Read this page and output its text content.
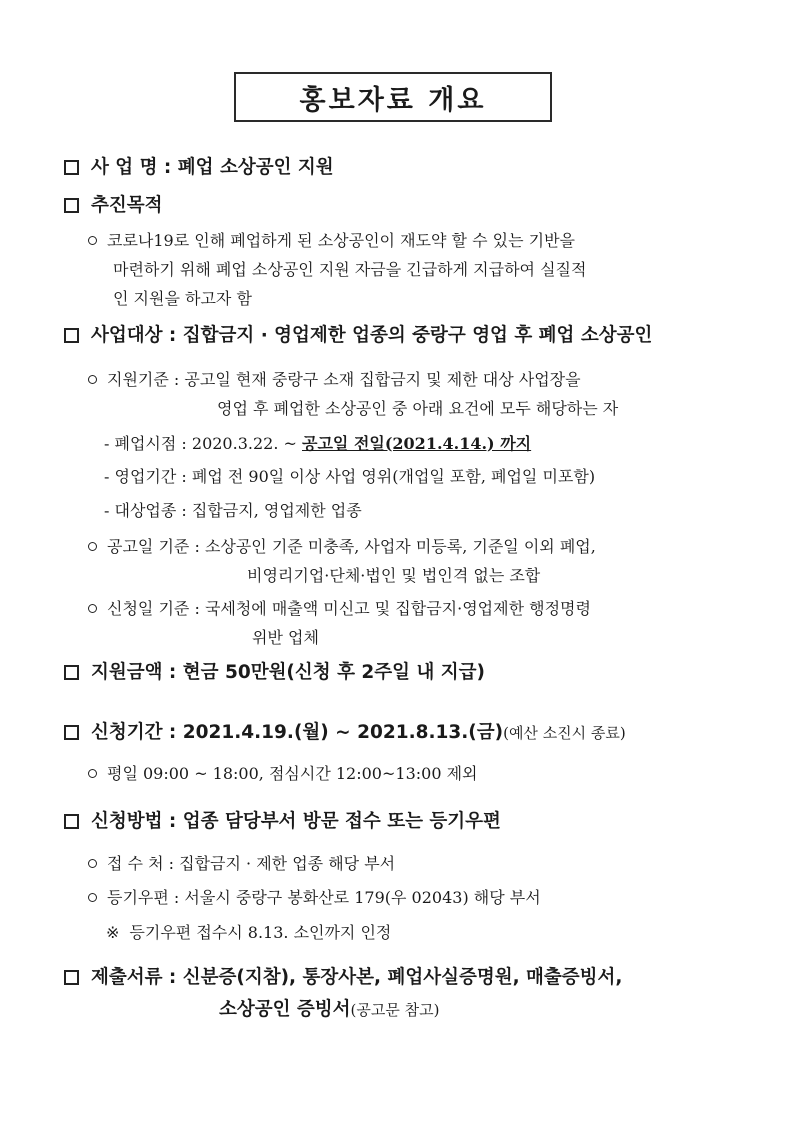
홍보자료 개요
사 업 명 : 폐업 소상공인 지원
추진목적
코로나19로 인해 폐업하게 된 소상공인이 재도약 할 수 있는 기반을
마련하기 위해 폐업 소상공인 지원 자금을 긴급하게 지급하여 실질적
인 지원을 하고자 함
사업대상 : 집합금지 · 영업제한 업종의 중랑구 영업 후 폐업 소상공인
지원기준 : 공고일 현재 중랑구 소재 집합금지 및 제한 대상 사업장을
영업 후 폐업한 소상공인 중 아래 요건에 모두 해당하는 자
- 폐업시점 : 2020.3.22. ~ 공고일 전일(2021.4.14.) 까지
- 영업기간 : 폐업 전 90일 이상 사업 영위(개업일 포함, 폐업일 미포함)
- 대상업종 : 집합금지, 영업제한 업종
공고일 기준 : 소상공인 기준 미충족, 사업자 미등록, 기준일 이외 폐업,
비영리기업·단체·법인 및 법인격 없는 조합
신청일 기준 : 국세청에 매출액 미신고 및 집합금지·영업제한 행정명령
위반 업체
지원금액 : 현금 50만원(신청 후 2주일 내 지급)
신청기간 : 2021.4.19.(월) ~ 2021.8.13.(금)(예산 소진시 종료)
평일 09:00 ~ 18:00, 점심시간 12:00~13:00 제외
신청방법 : 업종 담당부서 방문 접수 또는 등기우편
접 수 처 : 집합금지 · 제한 업종 해당 부서
등기우편 : 서울시 중랑구 봉화산로 179(우 02043) 해당 부서
※ 등기우편 접수시 8.13. 소인까지 인정
제출서류 : 신분증(지참), 통장사본, 폐업사실증명원, 매출증빙서,
소상공인 증빙서(공고문 참고)
